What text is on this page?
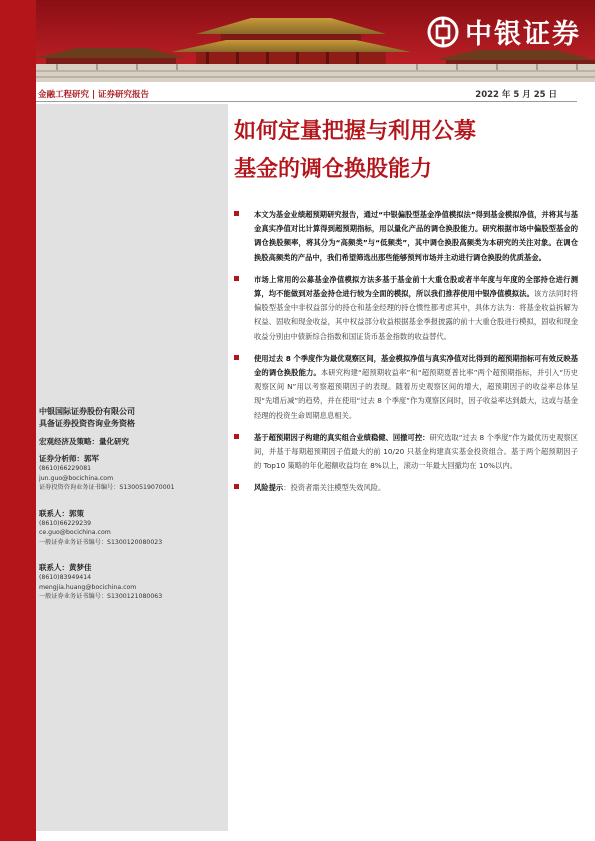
中银证券
金融工程研究 | 证券研究报告	2022 年 5 月 25 日
中银国际证券股份有限公司
具备证券投资咨询业务资格
宏观经济及策略：量化研究
证券分析师：郭军
(8610)66229081
jun.guo@bocichina.com
证券投资咨询业务证书编号：S1300519070001
联系人：郭策
(8610)66229239
ce.guo@bocichina.com
一般证券业务证书编号：S1300120080023
联系人：黄梦佳
(8610)83949414
mengjia.huang@bocichina.com
一般证券业务证书编号：S1300121080063
如何定量把握与利用公募
基金的调仓换股能力

本文为基金业绩超预期研究报告，通过“中银偏股型基金净值模拟法”得到基金模拟净值，并将其与基金真实净值对比计算得到超预期指标，用以量化产品的调仓换股能力。研究根据市场中偏股型基金的调仓换股频率，将其分为“高频类”与“低频类”，其中调仓换股高频类为本研究的关注对象。在调仓换股高频类的产品中，我们希望筛选出那些能够预判市场并主动进行调仓换股的优质基金。

市场上常用的公募基金净值模拟方法多基于基金前十大重仓股或者半年度与年度的全部持仓进行测算，均不能做到对基金持仓进行较为全面的模拟，所以我们推荐使用中银净值模拟法。该方法同时将偏股型基金中非权益部分的持仓和基金经理的持仓惯性都考虑其中，具体方法为：将基金收益拆解为权益、固收和现金收益，其中权益部分收益根据基金季报披露的前十大重仓股进行模拟，固收和现金收益分别由中债新综合指数和国证货币基金指数的收益替代。

使用过去 8 个季度作为最优观察区间，基金模拟净值与真实净值对比得到的超预期指标可有效反映基金的调仓换股能力。本研究构建“超预期收益率”和“超预期夏普比率”两个超预期指标，并引入“历史观察区间 N”用以考察超预期因子的表现。随着历史观察区间的增大，超预期因子的收益率总体呈现“先增后减”的趋势，并在使用“过去 8 个季度”作为观察区间时，因子收益率达到最大，这或与基金经理的投资生命周期息息相关。

基于超预期因子构建的真实组合业绩稳健、回撤可控：研究选取“过去 8 个季度”作为最优历史观察区间，并基于每期超预期因子值最大的前 10/20 只基金构建真实基金投资组合。基于两个超预期因子的 Top10 策略的年化超额收益均在 8%以上，滚动一年最大回撤均在 10%以内。

风险提示：投资者需关注模型失效风险。
